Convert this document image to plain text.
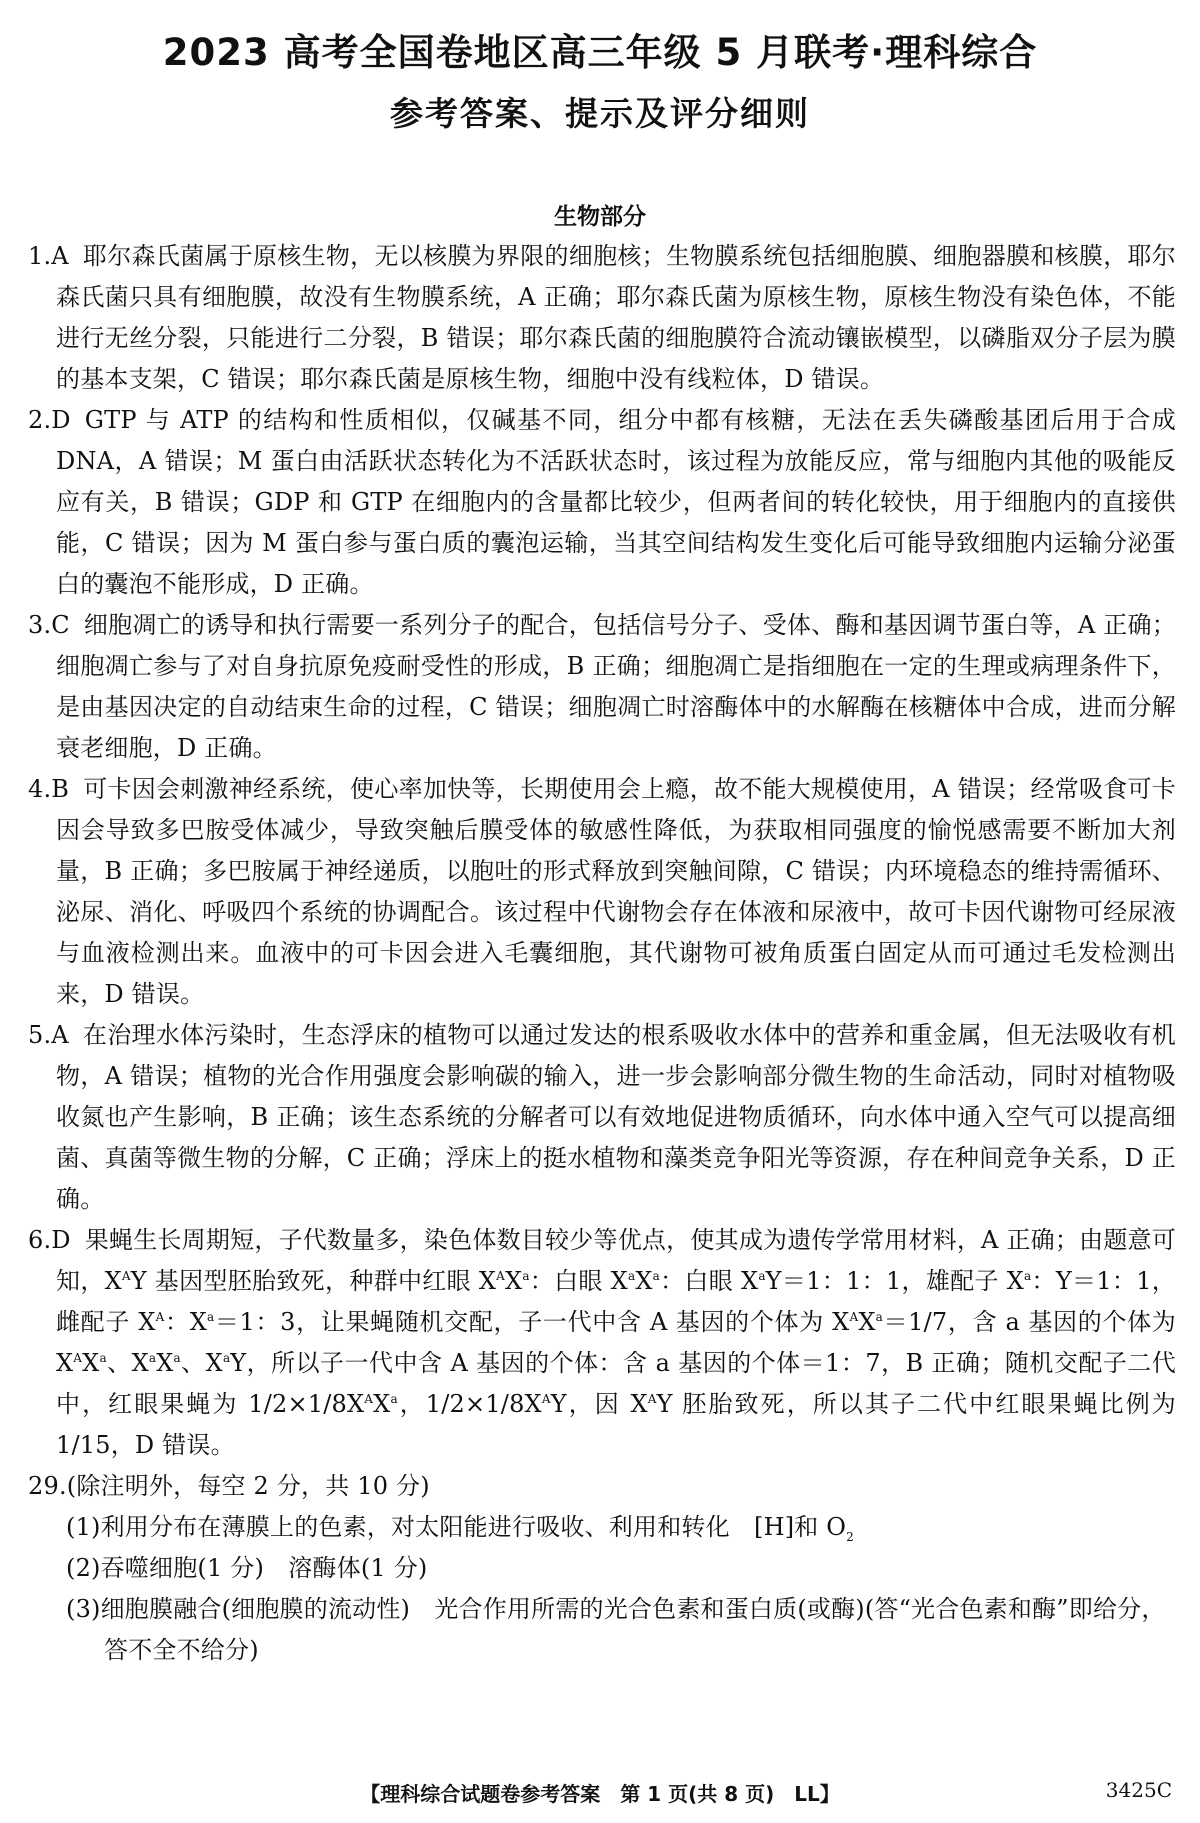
2023 高考全国卷地区高三年级 5 月联考·理科综合
参考答案、提示及评分细则
生物部分

1.A 耶尔森氏菌属于原核生物，无以核膜为界限的细胞核；生物膜系统包括细胞膜、细胞器膜和核膜，耶尔森氏菌只具有细胞膜，故没有生物膜系统，A 正确；耶尔森氏菌为原核生物，原核生物没有染色体，不能进行无丝分裂，只能进行二分裂，B 错误；耶尔森氏菌的细胞膜符合流动镶嵌模型，以磷脂双分子层为膜的基本支架，C 错误；耶尔森氏菌是原核生物，细胞中没有线粒体，D 错误。

2.D GTP 与 ATP 的结构和性质相似，仅碱基不同，组分中都有核糖，无法在丢失磷酸基团后用于合成 DNA，A 错误；M 蛋白由活跃状态转化为不活跃状态时，该过程为放能反应，常与细胞内其他的吸能反应有关，B 错误；GDP 和 GTP 在细胞内的含量都比较少，但两者间的转化较快，用于细胞内的直接供能，C 错误；因为 M 蛋白参与蛋白质的囊泡运输，当其空间结构发生变化后可能导致细胞内运输分泌蛋白的囊泡不能形成，D 正确。

3.C 细胞凋亡的诱导和执行需要一系列分子的配合，包括信号分子、受体、酶和基因调节蛋白等，A 正确；细胞凋亡参与了对自身抗原免疫耐受性的形成，B 正确；细胞凋亡是指细胞在一定的生理或病理条件下，是由基因决定的自动结束生命的过程，C 错误；细胞凋亡时溶酶体中的水解酶在核糖体中合成，进而分解衰老细胞，D 正确。

4.B 可卡因会刺激神经系统，使心率加快等，长期使用会上瘾，故不能大规模使用，A 错误；经常吸食可卡因会导致多巴胺受体减少，导致突触后膜受体的敏感性降低，为获取相同强度的愉悦感需要不断加大剂量，B 正确；多巴胺属于神经递质，以胞吐的形式释放到突触间隙，C 错误；内环境稳态的维持需循环、泌尿、消化、呼吸四个系统的协调配合。该过程中代谢物会存在体液和尿液中，故可卡因代谢物可经尿液与血液检测出来。血液中的可卡因会进入毛囊细胞，其代谢物可被角质蛋白固定从而可通过毛发检测出来，D 错误。

5.A 在治理水体污染时，生态浮床的植物可以通过发达的根系吸收水体中的营养和重金属，但无法吸收有机物，A 错误；植物的光合作用强度会影响碳的输入，进一步会影响部分微生物的生命活动，同时对植物吸收氮也产生影响，B 正确；该生态系统的分解者可以有效地促进物质循环，向水体中通入空气可以提高细菌、真菌等微生物的分解，C 正确；浮床上的挺水植物和藻类竞争阳光等资源，存在种间竞争关系，D 正确。

6.D 果蝇生长周期短，子代数量多，染色体数目较少等优点，使其成为遗传学常用材料，A 正确；由题意可知，$X^AY$ 基因型胚胎致死，种群中红眼 $X^AX^a$：白眼 $X^aX^a$：白眼 $X^aY=1$：1：1，雄配子 $X^a$：Y＝1：1，雌配子 $X^A$：$X^a=1$：3，让果蝇随机交配，子一代中含 A 基因的个体为 $X^AX^a=1/7$，含 a 基因的个体为 $X^AX^a$、$X^aX^a$、$X^aY$，所以子一代中含 A 基因的个体：含 a 基因的个体＝1：7，B 正确；随机交配子二代中，红眼果蝇为 $1/2\times 1/8X^AX^a$，$1/2\times 1/8X^AY$，因 $X^AY$ 胚胎致死，所以其子二代中红眼果蝇比例为 1/15，D 错误。

29.(除注明外，每空 2 分，共 10 分)

(1)利用分布在薄膜上的色素，对太阳能进行吸收、利用和转化　 [H]和 $O_2$

(2)吞噬细胞(1 分)　 溶酶体(1 分)

(3)细胞膜融合(细胞膜的流动性)　 光合作用所需的光合色素和蛋白质(或酶)(答“光合色素和酶”即给分，答不全不给分)

【理科综合试题卷参考答案　第 1 页(共 8 页)　LL】	3425C
